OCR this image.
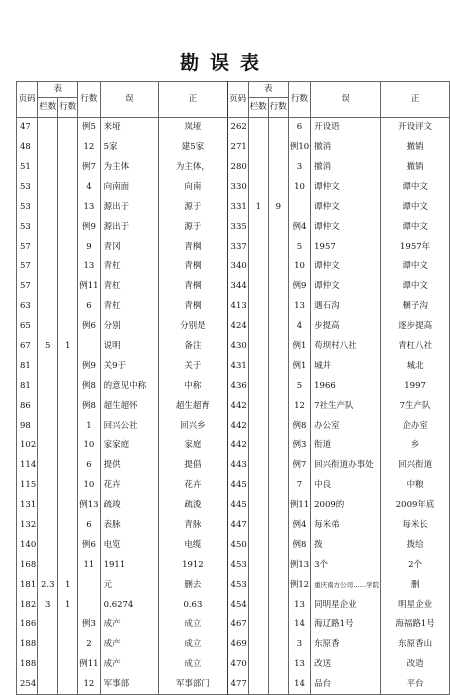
勘误表
页码	表		行数	误	正	页码	表		行数	误	正
	栏数	行数					栏数	行数			
47			例5	来垭	岚垭	262			6	开设语	开设评文
48			12	5家	建5家	271			例10	撤消	撤销
51			例7	为主体	为主体，	280			3	撤消	撤销
53			4	向南面	向南	330			10	谭仲文	谭中文
53			13	源出于	源于	331	1	9		谭仲文	谭中文
53			例9	源出于	源于	335			例4	谭仲文	谭中文
57			9	青冈	青棡	337			5	1957	1957年
57			13	青杠	青棡	340			10	谭仲文	谭中文
57			例11	青杠	青棡	344			例9	谭仲文	谭中文
63			6	青杠	青棡	413			13	遇石沟	梱子沟
65			例6	分别	分别是	424			4	步提高	逐步提高
67	5	1		说明	备注	430			例1	苟坝村八社	青杠八社
81			例9	关9于	关于	431			例1	城并	城北
81			例8	的意见中称	中称	436			5	1966	1997
86			例8	超生超怀	超生超育	442			12	7社生产队	7生产队
98			1	回兴公社	回兴乡	442			例8	办公室	企办室
102			10	家家庭	家庭	442			例3	衔道	乡
114			6	提供	提倡	443			例7	回兴衔道办事处	回兴衔道
115			10	花卉	花卉	445			7	中良	中粮
131			例13	疏竣	疏浚	445			例11	2009的	2009年底
132			6	表脉	青脉	447			例4	每米弟	每米长
140			例6	电览	电缆	450			例8	拨	拨给
168			11	1911	1912	453			例13	3个	2个
181	2.3	1		元	删去	453			例12	重庆南方公司……学院	删
182	3	1		0.6274	0.63	454			13	同明星企业	明星企业
186			例3	成产	成立	467			14	海辽路1号	海福路1号
188			2	成产	成立	469			3	东原香	东原香山
188			例11	成产	成立	470			13	改送	改造
254			12	军事部	军事部门	477			14	品台	平台
